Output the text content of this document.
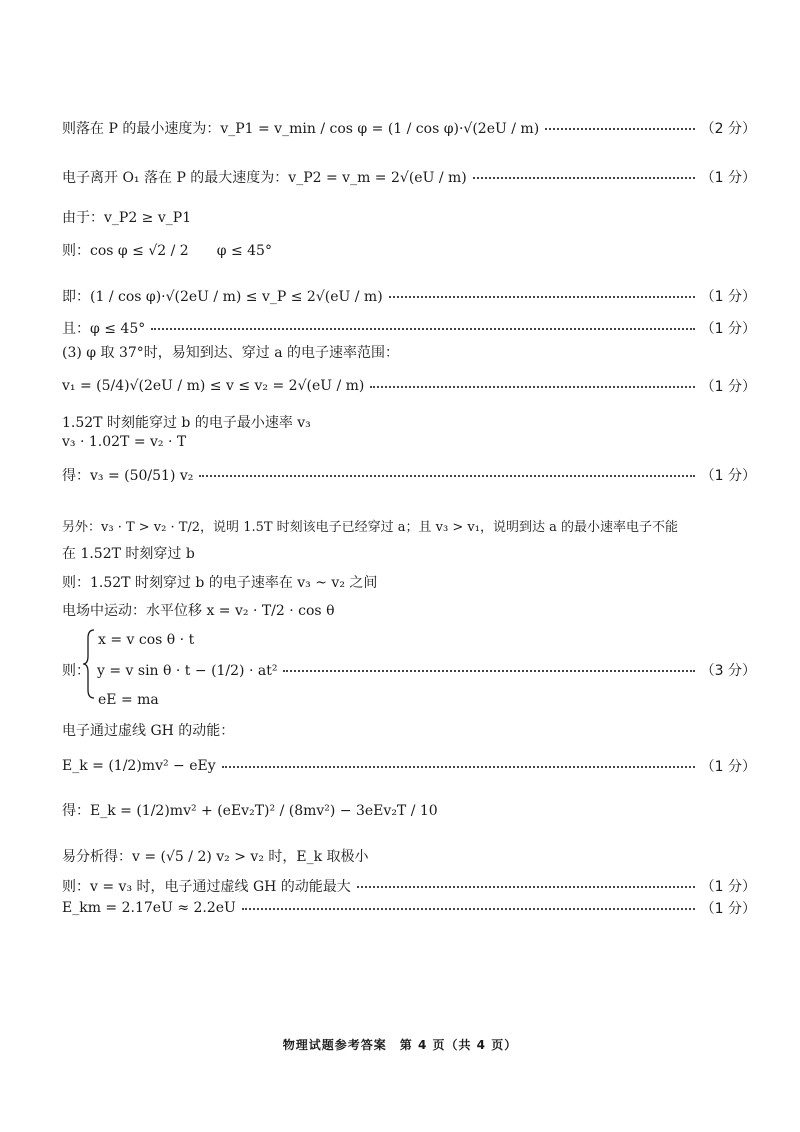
则落在 P 的最小速度为：v_P1 = v_min / cos φ = (1 / cos φ)·√(2eU / m)	（2 分）
电子离开 O₁ 落在 P 的最大速度为：v_P2 = v_m = 2√(eU / m)	（1 分）
由于：v_P2 ≥ v_P1
则：cos φ ≤ √2 / 2　　φ ≤ 45°
即：(1 / cos φ)·√(2eU / m) ≤ v_P ≤ 2√(eU / m)	（1 分）
且：φ ≤ 45°	（1 分）
(3) φ 取 37°时，易知到达、穿过 a 的电子速率范围：
v₁ = (5/4)√(2eU / m) ≤ v ≤ v₂ = 2√(eU / m)	（1 分）
1.52T 时刻能穿过 b 的电子最小速率 v₃
v₃ · 1.02T = v₂ · T
得：v₃ = (50/51) v₂	（1 分）
另外：v₃ · T > v₂ · T/2，说明 1.5T 时刻该电子已经穿过 a；且 v₃ > v₁，说明到达 a 的最小速率电子不能
在 1.52T 时刻穿过 b
则：1.52T 时刻穿过 b 的电子速率在 v₃ ~ v₂ 之间
电场中运动：水平位移 x = v₂ · T/2 · cos θ
x = v cos θ · t
则：　y = v sin θ · t − (1/2) · at²	（3 分）
eE = ma
电子通过虚线 GH 的动能：
E_k = (1/2)mv² − eEy	（1 分）
得：E_k = (1/2)mv² + (eEv₂T)² / (8mv²) − 3eEv₂T / 10
易分析得：v = (√5 / 2) v₂ > v₂ 时，E_k 取极小
则：v = v₃ 时，电子通过虚线 GH 的动能最大	（1 分）
E_km = 2.17eU ≈ 2.2eU	（1 分）
物理试题参考答案　第 4 页（共 4 页）
